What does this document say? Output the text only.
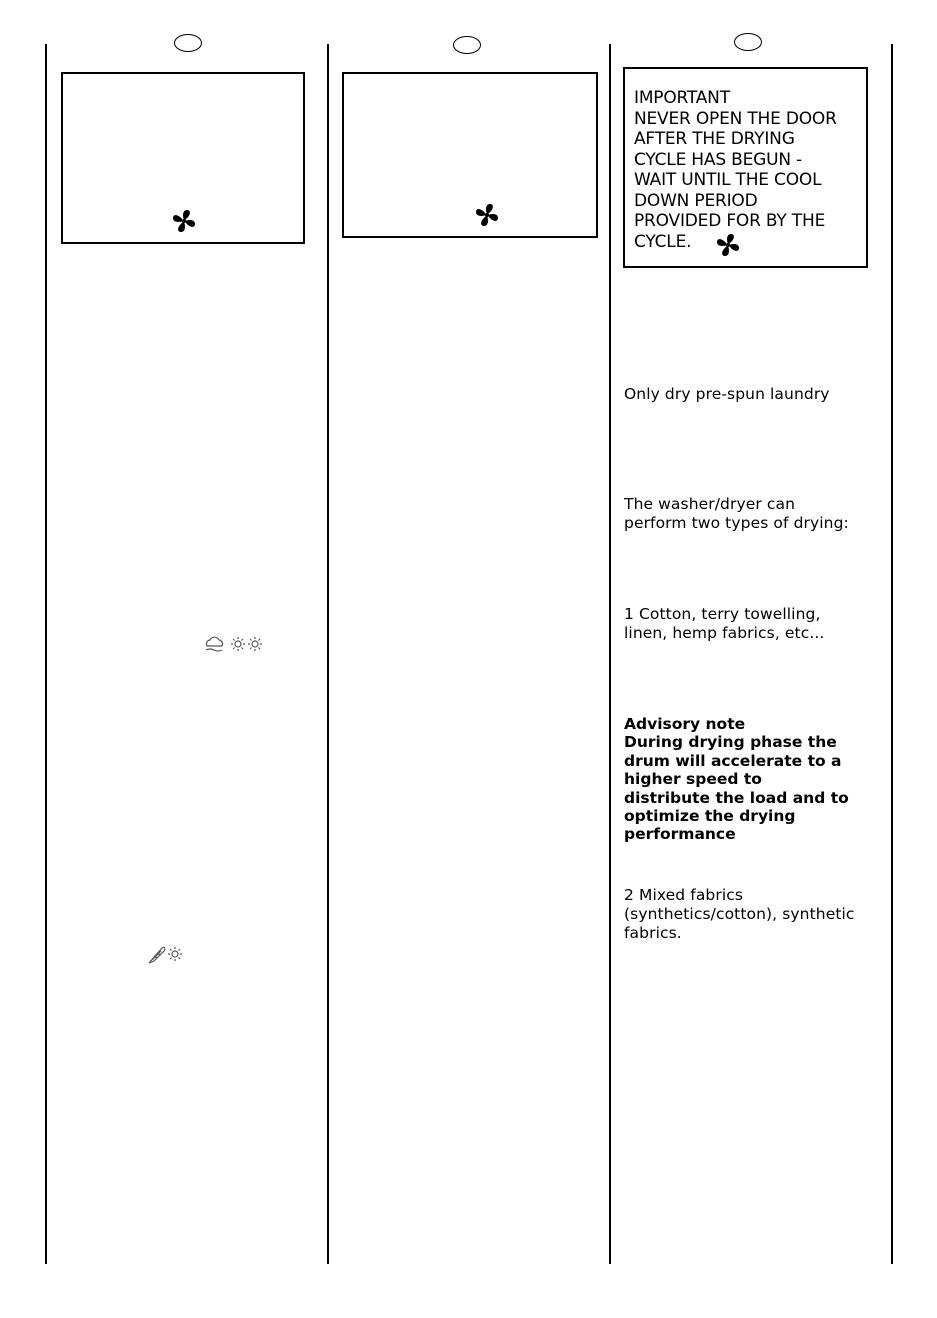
IMPORTANT
NEVER OPEN THE DOOR
AFTER THE DRYING
CYCLE HAS BEGUN -
WAIT UNTIL THE COOL
DOWN PERIOD
PROVIDED FOR BY THE
CYCLE.
Only dry pre-spun laundry
The washer/dryer can
perform two types of drying:
1 Cotton, terry towelling,
linen, hemp fabrics, etc...
Advisory note
During drying phase the
drum will accelerate to a
higher speed to
distribute the load and to
optimize the drying
performance
2 Mixed fabrics
(synthetics/cotton), synthetic
fabrics.
